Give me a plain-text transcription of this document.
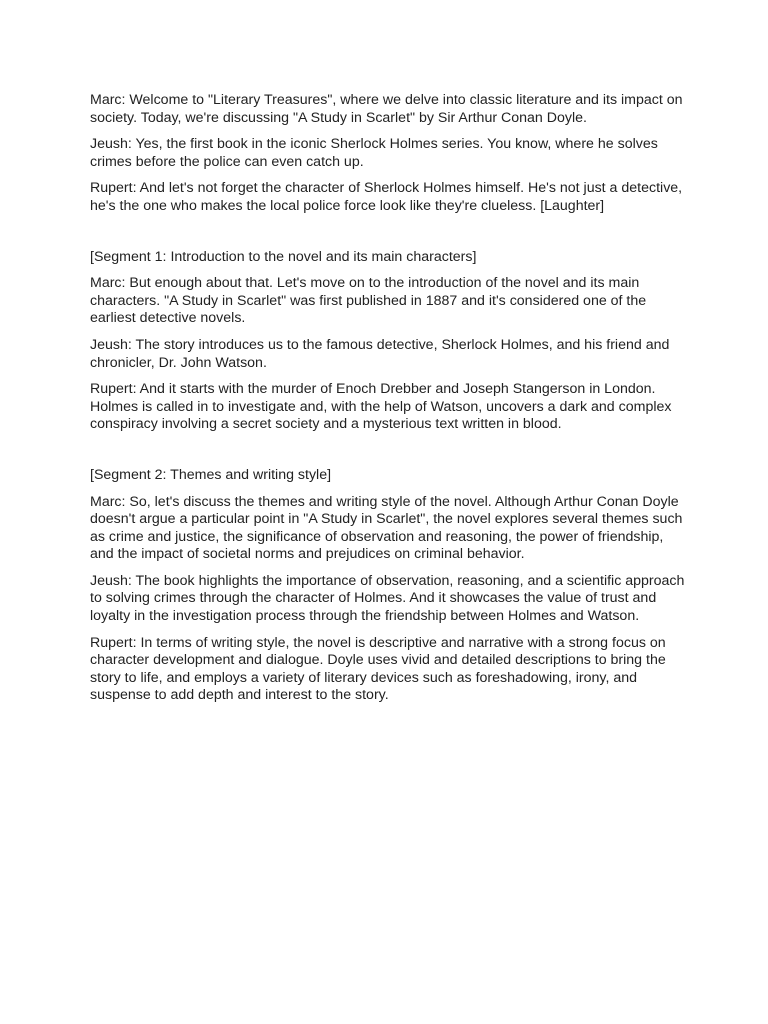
Marc: Welcome to "Literary Treasures", where we delve into classic literature and its impact on society. Today, we're discussing "A Study in Scarlet" by Sir Arthur Conan Doyle.

Jeush: Yes, the first book in the iconic Sherlock Holmes series. You know, where he solves crimes before the police can even catch up.

Rupert: And let's not forget the character of Sherlock Holmes himself. He's not just a detective, he's the one who makes the local police force look like they're clueless. [Laughter]

[Segment 1: Introduction to the novel and its main characters]

Marc: But enough about that. Let's move on to the introduction of the novel and its main characters. "A Study in Scarlet" was first published in 1887 and it's considered one of the earliest detective novels.

Jeush: The story introduces us to the famous detective, Sherlock Holmes, and his friend and chronicler, Dr. John Watson.

Rupert: And it starts with the murder of Enoch Drebber and Joseph Stangerson in London. Holmes is called in to investigate and, with the help of Watson, uncovers a dark and complex conspiracy involving a secret society and a mysterious text written in blood.

[Segment 2: Themes and writing style]

Marc: So, let's discuss the themes and writing style of the novel. Although Arthur Conan Doyle doesn't argue a particular point in "A Study in Scarlet", the novel explores several themes such as crime and justice, the significance of observation and reasoning, the power of friendship, and the impact of societal norms and prejudices on criminal behavior.

Jeush: The book highlights the importance of observation, reasoning, and a scientific approach to solving crimes through the character of Holmes. And it showcases the value of trust and loyalty in the investigation process through the friendship between Holmes and Watson.

Rupert: In terms of writing style, the novel is descriptive and narrative with a strong focus on character development and dialogue. Doyle uses vivid and detailed descriptions to bring the story to life, and employs a variety of literary devices such as foreshadowing, irony, and suspense to add depth and interest to the story.
